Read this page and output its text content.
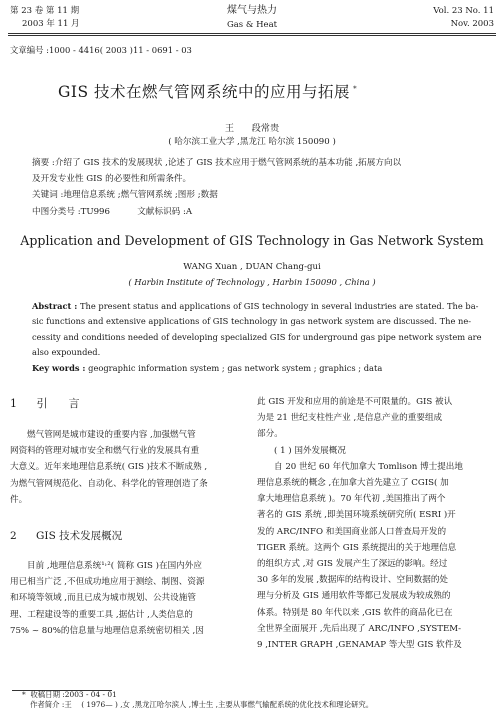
第 23 卷 第 11 期
2003 年 11 月
煤气与热力
Gas & Heat
Vol. 23 No. 11
Nov. 2003
文章编号 :1000 - 4416( 2003 )11 - 0691 - 03
GIS 技术在燃气管网系统中的应用与拓展 *
王      段常贵
( 哈尔滨工业大学 ,黑龙江 哈尔滨 150090 )
摘要 :介绍了 GIS 技术的发展现状 ,论述了 GIS 技术应用于燃气管网系统的基本功能 ,拓展方向以
及开发专业性 GIS 的必要性和所需条件。
关键词 :地理信息系统 ;燃气管网系统 ;图形 ;数据
中图分类号 :TU996          文献标识码 :A
Application and Development of GIS Technology in Gas Network System
WANG Xuan , DUAN Chang-gui
( Harbin Institute of Technology , Harbin 150090 , China )
Abstract : The present status and applications of GIS technology in several industries are stated. The ba-
sic functions and extensive applications of GIS technology in gas network system are discussed. The ne-
cessity and conditions needed of developing specialized GIS for underground gas pipe network system are
also expounded.
Key words : geographic information system ; gas network system ; graphics ; data
1 引      言
燃气管网是城市建设的重要内容 ,加强燃气管
网资料的管理对城市安全和燃气行业的发展具有重
大意义。近年来地理信息系统( GIS )技术不断成熟 ,
为燃气管网规范化、自动化、科学化的管理创造了条
件。
2 GIS 技术发展概况
目前 ,地理信息系统¹˒²( 简称 GIS )在国内外应
用已相当广泛 ,不但成功地应用于测绘、制图、资源
和环境等领域 ,而且已成为城市规划、公共设施管
理、工程建设等的重要工具 ,据估计 ,人类信息的
75% ~ 80%的信息量与地理信息系统密切相关 ,因
此 GIS 开发和应用的前途是不可限量的。GIS 被认
为是 21 世纪支柱性产业 ,是信息产业的重要组成
部分。
( 1 ) 国外发展概况
自 20 世纪 60 年代加拿大 Tomlison 博士提出地
理信息系统的概念 ,在加拿大首先建立了 CGIS( 加
拿大地理信息系统 )。70 年代初 ,美国推出了两个
著名的 GIS 系统 ,即美国环境系统研究所( ESRI )开
发的 ARC/INFO 和美国商业部人口普查局开发的
TIGER 系统。这两个 GIS 系统提出的关于地理信息
的组织方式 ,对 GIS 发展产生了深远的影响。经过
30 多年的发展 ,数据库的结构设计、空间数据的处
理与分析及 GIS 通用软件等都已发展成为较成熟的
体系。特别是 80 年代以来 ,GIS 软件的商品化已在
全世界全面展开 ,先后出现了 ARC/INFO ,SYSTEM-
9 ,INTER GRAPH ,GENAMAP 等大型 GIS 软件及
*  收稿日期 :2003 - 04 - 01
作者简介 :王    ( 1976— ) ,女 ,黑龙江哈尔滨人 ,博士生 ,主要从事燃气输配系统的优化技术和理论研究。
